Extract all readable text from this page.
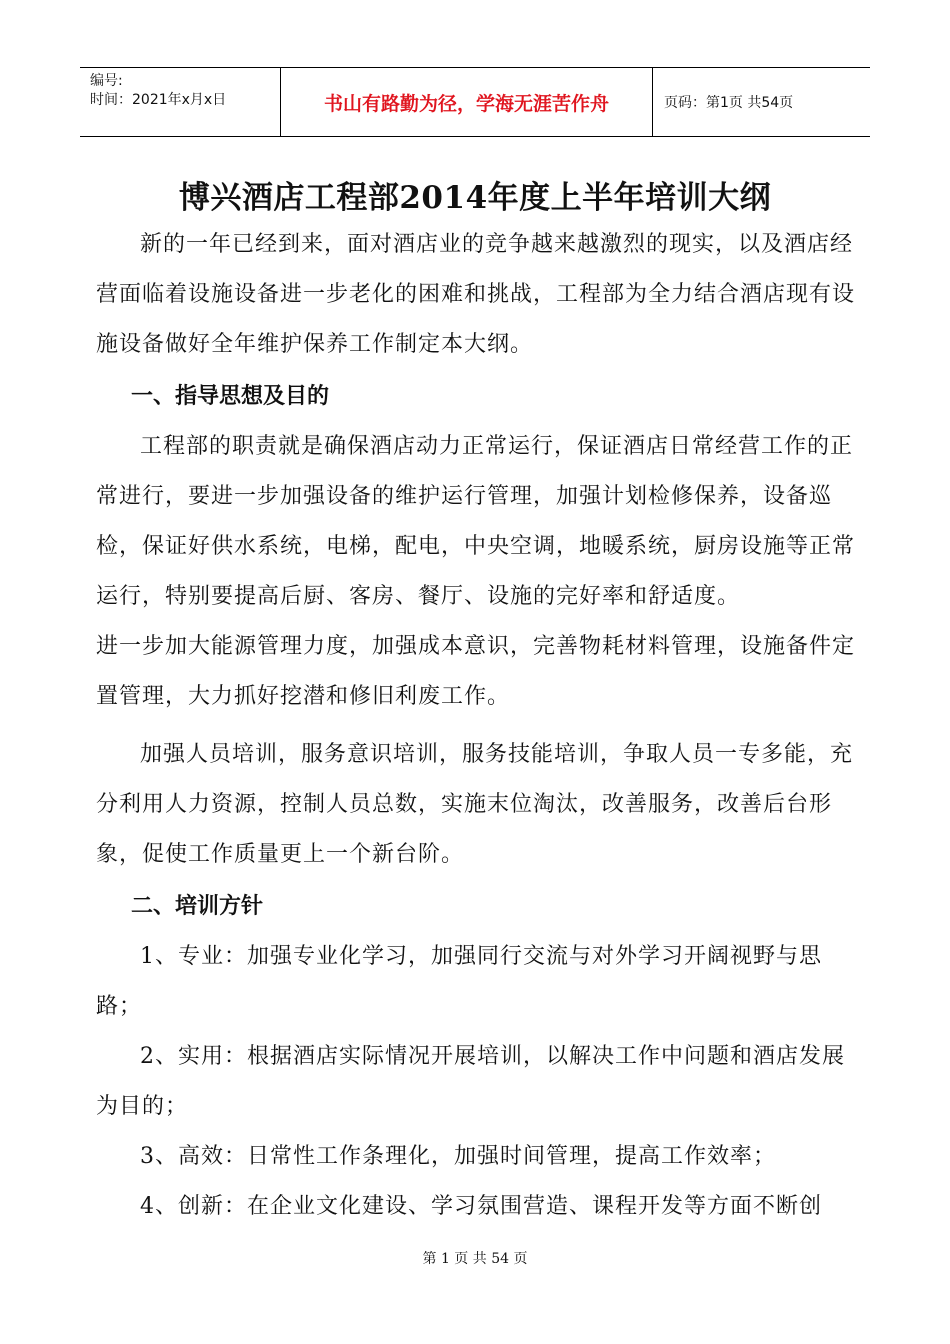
编号:
时间：2021年x月x日	书山有路勤为径，学海无涯苦作舟	页码：第1页 共54页
博兴酒店工程部2014年度上半年培训大纲

新的一年已经到来，面对酒店业的竞争越来越激烈的现实，以及酒店经营面临着设施设备进一步老化的困难和挑战，工程部为全力结合酒店现有设施设备做好全年维护保养工作制定本大纲。

一、指导思想及目的

工程部的职责就是确保酒店动力正常运行，保证酒店日常经营工作的正常进行，要进一步加强设备的维护运行管理，加强计划检修保养，设备巡检，保证好供水系统，电梯，配电，中央空调，地暖系统，厨房设施等正常运行，特别要提高后厨、客房、餐厅、设施的完好率和舒适度。

进一步加大能源管理力度，加强成本意识，完善物耗材料管理，设施备件定置管理，大力抓好挖潜和修旧利废工作。

加强人员培训，服务意识培训，服务技能培训，争取人员一专多能，充分利用人力资源，控制人员总数，实施末位淘汰，改善服务，改善后台形象，促使工作质量更上一个新台阶。

二、培训方针

1、专业：加强专业化学习，加强同行交流与对外学习开阔视野与思路；

2、实用：根据酒店实际情况开展培训，以解决工作中问题和酒店发展为目的；

3、高效：日常性工作条理化，加强时间管理，提高工作效率；

4、创新：在企业文化建设、学习氛围营造、课程开发等方面不断创

第 1 页 共 54 页
